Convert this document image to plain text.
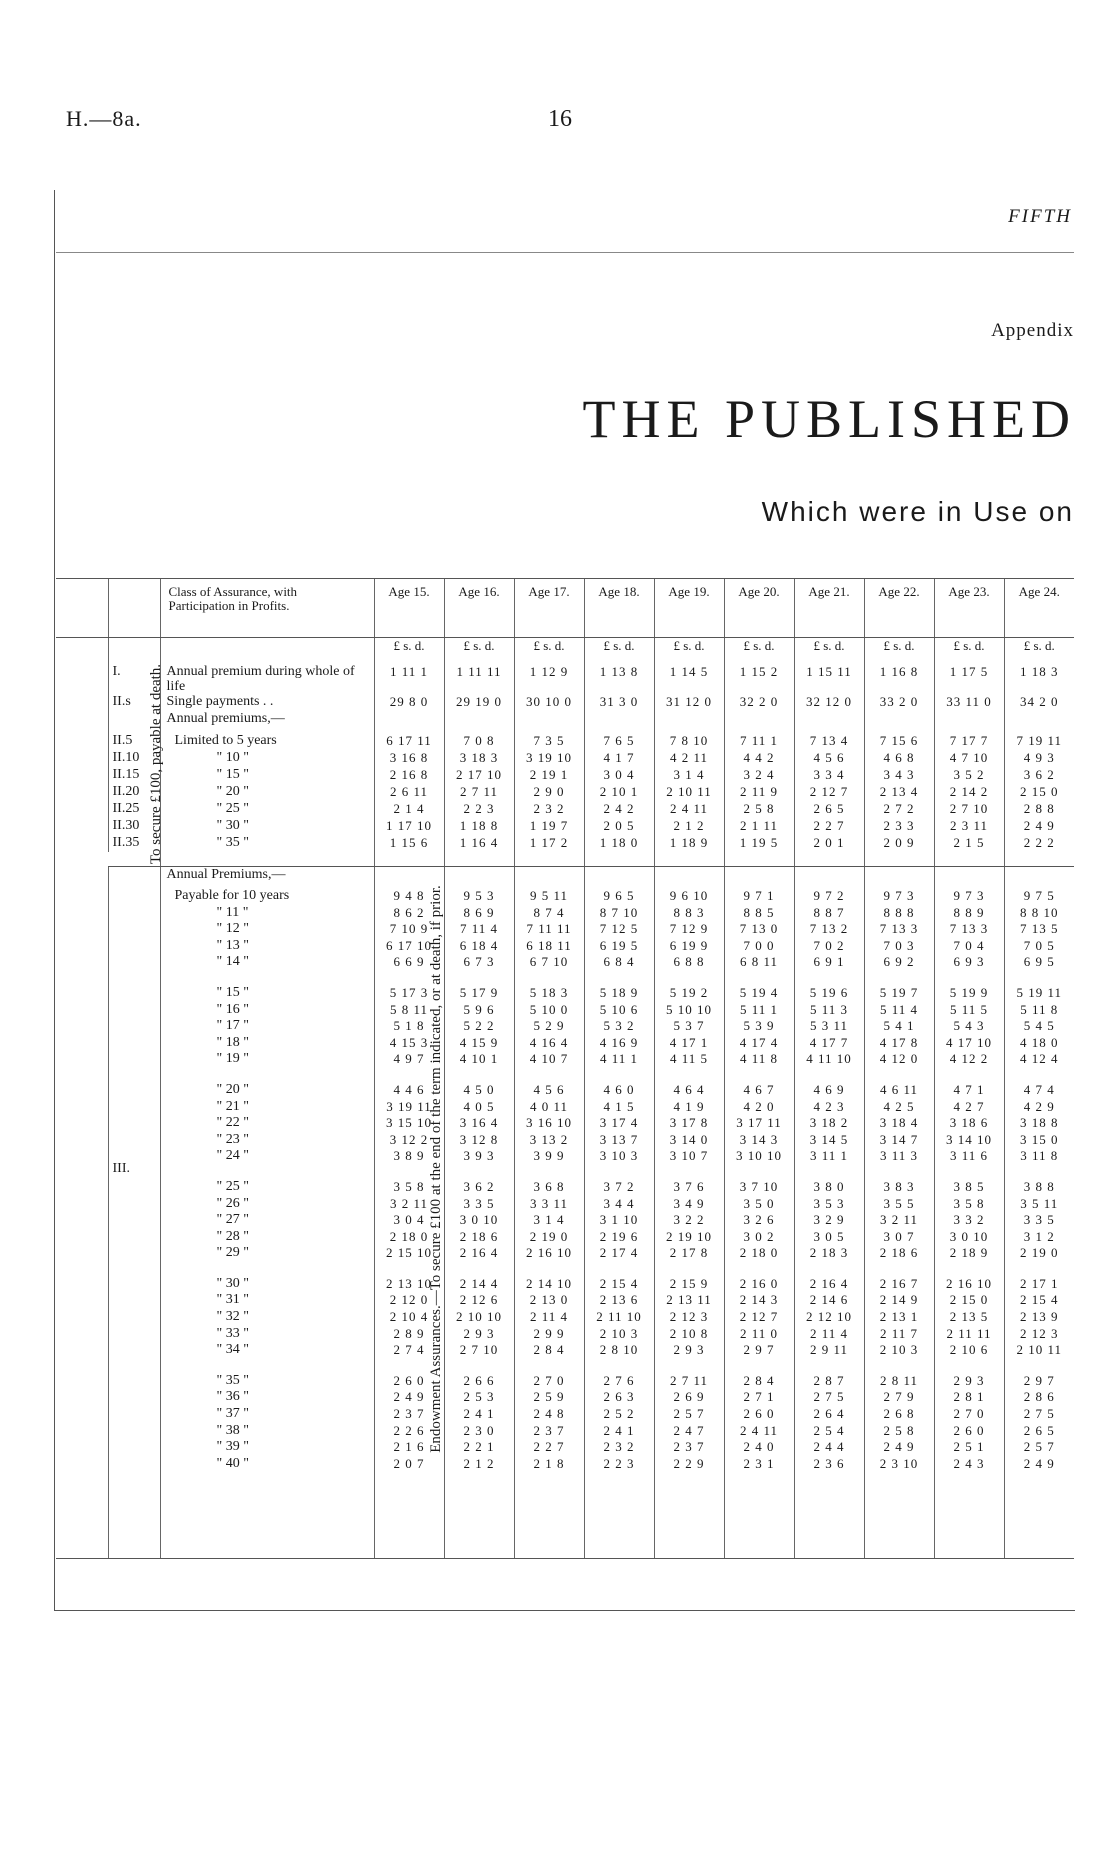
H.—8a.	16
FIFTH
Appendix
THE PUBLISHED
Which were in Use on
		Class of Assurance, with Participation in Profits.	Age 15.	Age 16.	Age 17.	Age 18.	Age 19.	Age 20.	Age 21.	Age 22.	Age 23.	Age 24.
			£ s. d.	£ s. d.	£ s. d.	£ s. d.	£ s. d.	£ s. d.	£ s. d.	£ s. d.	£ s. d.	£ s. d.
To secure £100, payable at death.	I.	Annual premium during whole of life	1 11 1	1 11 11	1 12 9	1 13 8	1 14 5	1 15 2	1 15 11	1 16 8	1 17 5	1 18 3
	II.s	Single payments . .	29 8 0	29 19 0	30 10 0	31 3 0	31 12 0	32 2 0	32 12 0	33 2 0	33 11 0	34 2 0
		Annual premiums,—										
	II.5	Limited to 5 years	6 17 11	7 0 8	7 3 5	7 6 5	7 8 10	7 11 1	7 13 4	7 15 6	7 17 7	7 19 11
	II.10	" 10 "	3 16 8	3 18 3	3 19 10	4 1 7	4 2 11	4 4 2	4 5 6	4 6 8	4 7 10	4 9 3
	II.15	" 15 "	2 16 8	2 17 10	2 19 1	3 0 4	3 1 4	3 2 4	3 3 4	3 4 3	3 5 2	3 6 2
	II.20	" 20 "	2 6 11	2 7 11	2 9 0	2 10 1	2 10 11	2 11 9	2 12 7	2 13 4	2 14 2	2 15 0
	II.25	" 25 "	2 1 4	2 2 3	2 3 2	2 4 2	2 4 11	2 5 8	2 6 5	2 7 2	2 7 10	2 8 8
	II.30	" 30 "	1 17 10	1 18 8	1 19 7	2 0 5	2 1 2	2 1 11	2 2 7	2 3 3	2 3 11	2 4 9
	II.35	" 35 "	1 15 6	1 16 4	1 17 2	1 18 0	1 18 9	1 19 5	2 0 1	2 0 9	2 1 5	2 2 2

Endowment Assurances.—To secure £100 at the end of the term indicated, or at death, if prior.	III.	Annual Premiums,—										
		Payable for 10 years	9 4 8	9 5 3	9 5 11	9 6 5	9 6 10	9 7 1	9 7 2	9 7 3	9 7 3	9 7 5
		" 11 "	8 6 2	8 6 9	8 7 4	8 7 10	8 8 3	8 8 5	8 8 7	8 8 8	8 8 9	8 8 10
		" 12 "	7 10 9	7 11 4	7 11 11	7 12 5	7 12 9	7 13 0	7 13 2	7 13 3	7 13 3	7 13 5
		" 13 "	6 17 10	6 18 4	6 18 11	6 19 5	6 19 9	7 0 0	7 0 2	7 0 3	7 0 4	7 0 5
		" 14 "	6 6 9	6 7 3	6 7 10	6 8 4	6 8 8	6 8 11	6 9 1	6 9 2	6 9 3	6 9 5

		" 15 "	5 17 3	5 17 9	5 18 3	5 18 9	5 19 2	5 19 4	5 19 6	5 19 7	5 19 9	5 19 11
		" 16 "	5 8 11	5 9 6	5 10 0	5 10 6	5 10 10	5 11 1	5 11 3	5 11 4	5 11 5	5 11 8
		" 17 "	5 1 8	5 2 2	5 2 9	5 3 2	5 3 7	5 3 9	5 3 11	5 4 1	5 4 3	5 4 5
		" 18 "	4 15 3	4 15 9	4 16 4	4 16 9	4 17 1	4 17 4	4 17 7	4 17 8	4 17 10	4 18 0
		" 19 "	4 9 7	4 10 1	4 10 7	4 11 1	4 11 5	4 11 8	4 11 10	4 12 0	4 12 2	4 12 4

		" 20 "	4 4 6	4 5 0	4 5 6	4 6 0	4 6 4	4 6 7	4 6 9	4 6 11	4 7 1	4 7 4
		" 21 "	3 19 11	4 0 5	4 0 11	4 1 5	4 1 9	4 2 0	4 2 3	4 2 5	4 2 7	4 2 9
		" 22 "	3 15 10	3 16 4	3 16 10	3 17 4	3 17 8	3 17 11	3 18 2	3 18 4	3 18 6	3 18 8
		" 23 "	3 12 2	3 12 8	3 13 2	3 13 7	3 14 0	3 14 3	3 14 5	3 14 7	3 14 10	3 15 0
		" 24 "	3 8 9	3 9 3	3 9 9	3 10 3	3 10 7	3 10 10	3 11 1	3 11 3	3 11 6	3 11 8

		" 25 "	3 5 8	3 6 2	3 6 8	3 7 2	3 7 6	3 7 10	3 8 0	3 8 3	3 8 5	3 8 8
		" 26 "	3 2 11	3 3 5	3 3 11	3 4 4	3 4 9	3 5 0	3 5 3	3 5 5	3 5 8	3 5 11
		" 27 "	3 0 4	3 0 10	3 1 4	3 1 10	3 2 2	3 2 6	3 2 9	3 2 11	3 3 2	3 3 5
		" 28 "	2 18 0	2 18 6	2 19 0	2 19 6	2 19 10	3 0 2	3 0 5	3 0 7	3 0 10	3 1 2
		" 29 "	2 15 10	2 16 4	2 16 10	2 17 4	2 17 8	2 18 0	2 18 3	2 18 6	2 18 9	2 19 0

		" 30 "	2 13 10	2 14 4	2 14 10	2 15 4	2 15 9	2 16 0	2 16 4	2 16 7	2 16 10	2 17 1
		" 31 "	2 12 0	2 12 6	2 13 0	2 13 6	2 13 11	2 14 3	2 14 6	2 14 9	2 15 0	2 15 4
		" 32 "	2 10 4	2 10 10	2 11 4	2 11 10	2 12 3	2 12 7	2 12 10	2 13 1	2 13 5	2 13 9
		" 33 "	2 8 9	2 9 3	2 9 9	2 10 3	2 10 8	2 11 0	2 11 4	2 11 7	2 11 11	2 12 3
		" 34 "	2 7 4	2 7 10	2 8 4	2 8 10	2 9 3	2 9 7	2 9 11	2 10 3	2 10 6	2 10 11

		" 35 "	2 6 0	2 6 6	2 7 0	2 7 6	2 7 11	2 8 4	2 8 7	2 8 11	2 9 3	2 9 7
		" 36 "	2 4 9	2 5 3	2 5 9	2 6 3	2 6 9	2 7 1	2 7 5	2 7 9	2 8 1	2 8 6
		" 37 "	2 3 7	2 4 1	2 4 8	2 5 2	2 5 7	2 6 0	2 6 4	2 6 8	2 7 0	2 7 5
		" 38 "	2 2 6	2 3 0	2 3 7	2 4 1	2 4 7	2 4 11	2 5 4	2 5 8	2 6 0	2 6 5
		" 39 "	2 1 6	2 2 1	2 2 7	2 3 2	2 3 7	2 4 0	2 4 4	2 4 9	2 5 1	2 5 7
		" 40 "	2 0 7	2 1 2	2 1 8	2 2 3	2 2 9	2 3 1	2 3 6	2 3 10	2 4 3	2 4 9
